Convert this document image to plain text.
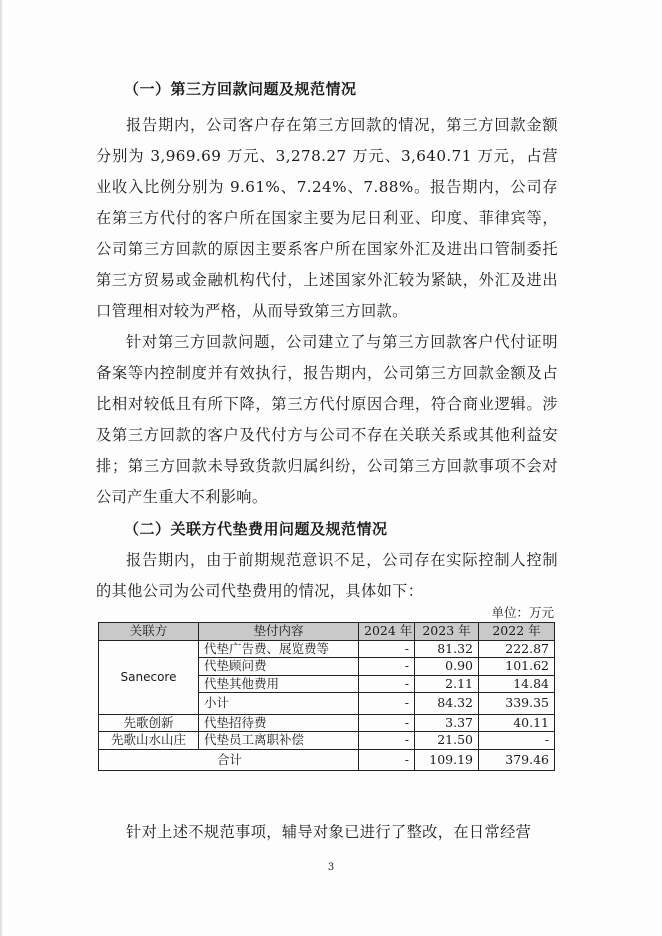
（一）第三方回款问题及规范情况
报告期内，公司客户存在第三方回款的情况，第三方回款金额分别为 3,969.69 万元、3,278.27 万元、3,640.71 万元，占营业收入比例分别为 9.61%、7.24%、7.88%。报告期内，公司存在第三方代付的客户所在国家主要为尼日利亚、印度、菲律宾等，公司第三方回款的原因主要系客户所在国家外汇及进出口管制委托第三方贸易或金融机构代付，上述国家外汇较为紧缺，外汇及进出口管理相对较为严格，从而导致第三方回款。
针对第三方回款问题，公司建立了与第三方回款客户代付证明备案等内控制度并有效执行，报告期内，公司第三方回款金额及占比相对较低且有所下降，第三方代付原因合理，符合商业逻辑。涉及第三方回款的客户及代付方与公司不存在关联关系或其他利益安排；第三方回款未导致货款归属纠纷，公司第三方回款事项不会对公司产生重大不利影响。
（二）关联方代垫费用问题及规范情况
报告期内，由于前期规范意识不足，公司存在实际控制人控制的其他公司为公司代垫费用的情况，具体如下：
单位：万元
关联方	垫付内容	2024 年	2023 年	2022 年
Sanecore	代垫广告费、展览费等	-	81.32	222.87
	代垫顾问费	-	0.90	101.62
	代垫其他费用	-	2.11	14.84
	小计	-	84.32	339.35
先歌创新	代垫招待费	-	3.37	40.11
先歌山水山庄	代垫员工离职补偿	-	21.50	-
合计		-	109.19	379.46
针对上述不规范事项，辅导对象已进行了整改，在日常经营
3
